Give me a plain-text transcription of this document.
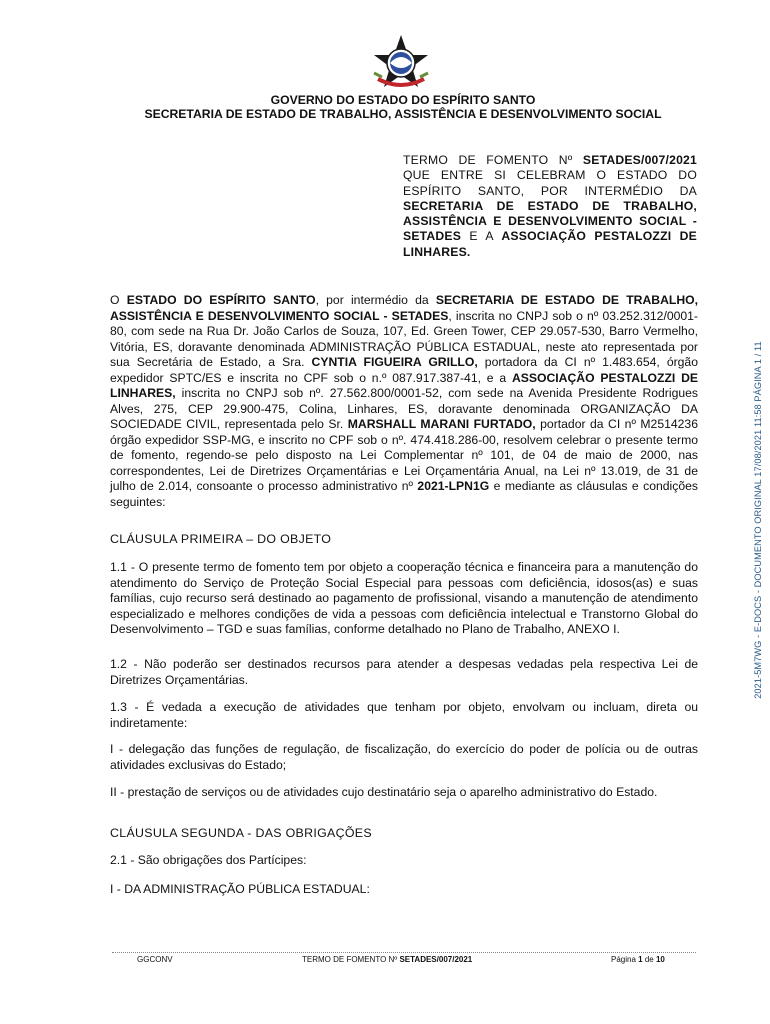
GOVERNO DO ESTADO DO ESPÍRITO SANTO
SECRETARIA DE ESTADO DE TRABALHO, ASSISTÊNCIA E DESENVOLVIMENTO SOCIAL
TERMO DE FOMENTO Nº SETADES/007/2021 QUE ENTRE SI CELEBRAM O ESTADO DO ESPÍRITO SANTO, POR INTERMÉDIO DA SECRETARIA DE ESTADO DE TRABALHO, ASSISTÊNCIA E DESENVOLVIMENTO SOCIAL - SETADES E A ASSOCIAÇÃO PESTALOZZI DE LINHARES.
O ESTADO DO ESPÍRITO SANTO, por intermédio da SECRETARIA DE ESTADO DE TRABALHO, ASSISTÊNCIA E DESENVOLVIMENTO SOCIAL - SETADES, inscrita no CNPJ sob o nº 03.252.312/0001-80, com sede na Rua Dr. João Carlos de Souza, 107, Ed. Green Tower, CEP 29.057-530, Barro Vermelho, Vitória, ES, doravante denominada ADMINISTRAÇÃO PÚBLICA ESTADUAL, neste ato representada por sua Secretária de Estado, a Sra. CYNTIA FIGUEIRA GRILLO, portadora da CI nº 1.483.654, órgão expedidor SPTC/ES e inscrita no CPF sob o n.º 087.917.387-41, e a ASSOCIAÇÃO PESTALOZZI DE LINHARES, inscrita no CNPJ sob nº. 27.562.800/0001-52, com sede na Avenida Presidente Rodrigues Alves, 275, CEP 29.900-475, Colina, Linhares, ES, doravante denominada ORGANIZAÇÃO DA SOCIEDADE CIVIL, representada pelo Sr. MARSHALL MARANI FURTADO, portador da CI nº M2514236 órgão expedidor SSP-MG, e inscrito no CPF sob o nº. 474.418.286-00, resolvem celebrar o presente termo de fomento, regendo-se pelo disposto na Lei Complementar nº 101, de 04 de maio de 2000, nas correspondentes, Lei de Diretrizes Orçamentárias e Lei Orçamentária Anual, na Lei nº 13.019, de 31 de julho de 2.014, consoante o processo administrativo nº 2021-LPN1G e mediante as cláusulas e condições seguintes:
CLÁUSULA PRIMEIRA – DO OBJETO
1.1 - O presente termo de fomento tem por objeto a cooperação técnica e financeira para a manutenção do atendimento do Serviço de Proteção Social Especial para pessoas com deficiência, idosos(as) e suas famílias, cujo recurso será destinado ao pagamento de profissional, visando a manutenção de atendimento especializado e melhores condições de vida a pessoas com deficiência intelectual e Transtorno Global do Desenvolvimento – TGD e suas famílias, conforme detalhado no Plano de Trabalho, ANEXO I.
1.2 - Não poderão ser destinados recursos para atender a despesas vedadas pela respectiva Lei de Diretrizes Orçamentárias.
1.3 - É vedada a execução de atividades que tenham por objeto, envolvam ou incluam, direta ou indiretamente:
I - delegação das funções de regulação, de fiscalização, do exercício do poder de polícia ou de outras atividades exclusivas do Estado;
II - prestação de serviços ou de atividades cujo destinatário seja o aparelho administrativo do Estado.
CLÁUSULA SEGUNDA - DAS OBRIGAÇÕES
2.1 - São obrigações dos Partícipes:
I - DA ADMINISTRAÇÃO PÚBLICA ESTADUAL:
2021-5M7WG - E-DOCS - DOCUMENTO ORIGINAL 17/08/2021 11:58 PÁGINA 1 / 11
GGCONV	TERMO DE FOMENTO Nº SETADES/007/2021	Página 1 de 10
